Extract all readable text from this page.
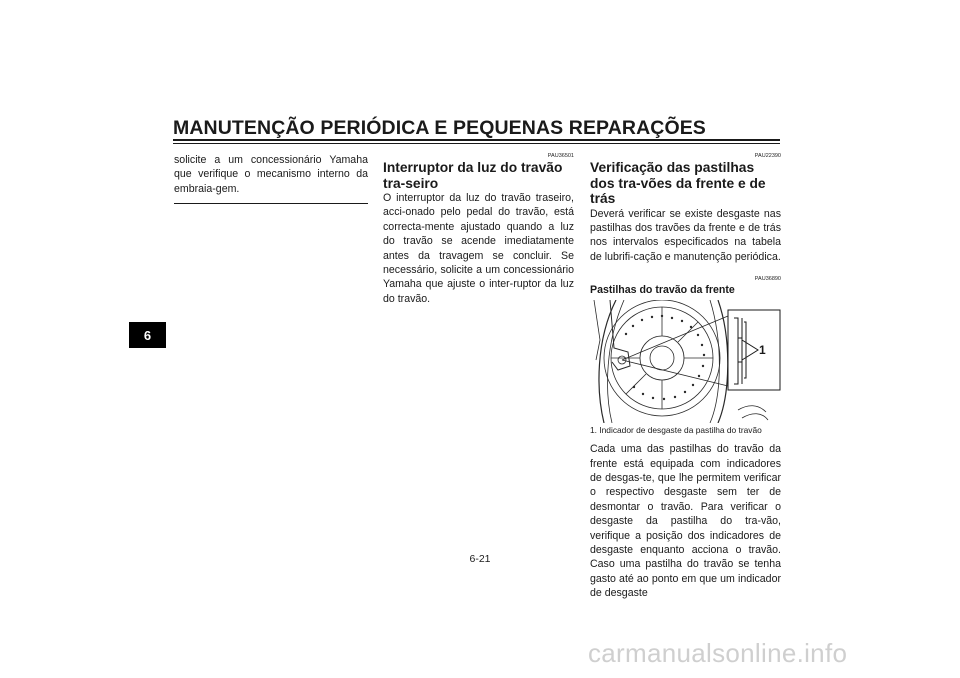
MANUTENÇÃO PERIÓDICA E PEQUENAS REPARAÇÕES
6

solicite a um concessionário Yamaha que verifique o mecanismo interno da embraia-gem.

PAU36501
Interruptor da luz do travão tra-seiro

O interruptor da luz do travão traseiro, acci-onado pelo pedal do travão, está correcta-mente ajustado quando a luz do travão se acende imediatamente antes da travagem se concluir. Se necessário, solicite a um concessionário Yamaha que ajuste o inter-ruptor da luz do travão.

PAU22390
Verificação das pastilhas dos tra-vões da frente e de trás

Deverá verificar se existe desgaste nas pastilhas dos travões da frente e de trás nos intervalos especificados na tabela de lubrifi-cação e manutenção periódica.

PAU36890
Pastilhas do travão da frente
1
1. Indicador de desgaste da pastilha do travão

Cada uma das pastilhas do travão da frente está equipada com indicadores de desgas-te, que lhe permitem verificar o respectivo desgaste sem ter de desmontar o travão. Para verificar o desgaste da pastilha do tra-vão, verifique a posição dos indicadores de desgaste enquanto acciona o travão. Caso uma pastilha do travão se tenha gasto até ao ponto em que um indicador de desgaste

6-21
carmanualsonline.info
